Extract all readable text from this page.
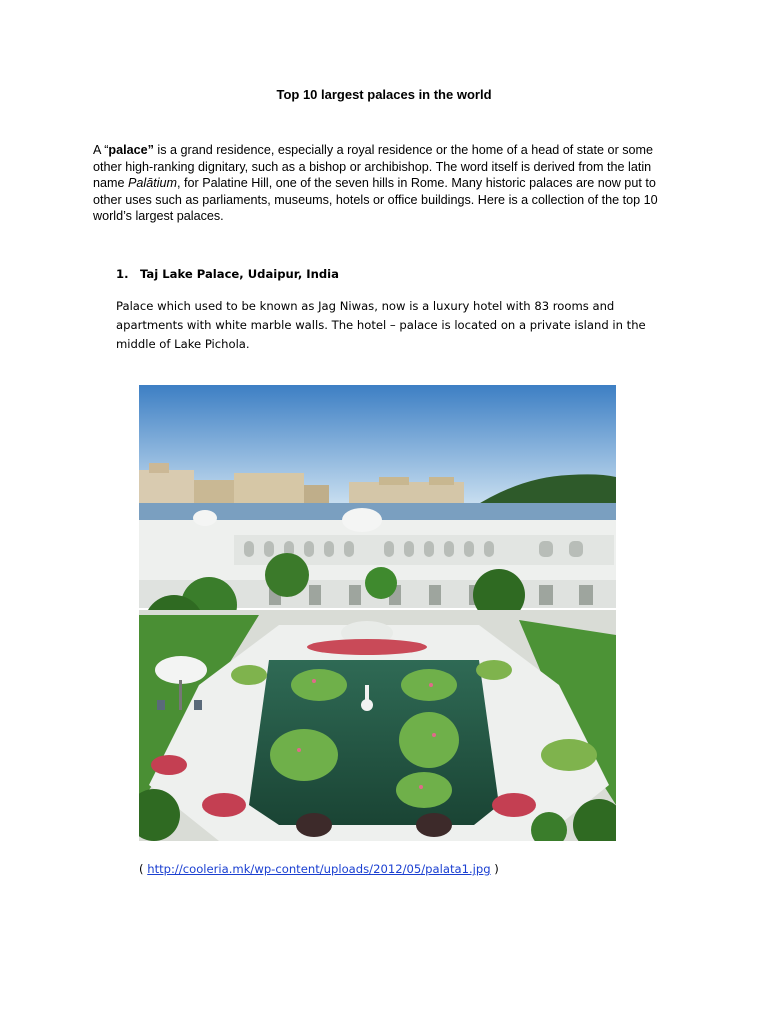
Top 10 largest palaces in the world
A “palace” is a grand residence, especially a royal residence or the home of a head of state or some other high-ranking dignitary, such as a bishop or archibishop. The word itself is derived from the latin name Palātium, for Palatine Hill, one of the seven hills in Rome. Many historic palaces are now put to other uses such as parliaments, museums, hotels or office buildings. Here is a collection of the top 10 world’s largest palaces.
1. Taj Lake Palace, Udaipur, India
Palace which used to be known as Jag Niwas, now is a luxury hotel with 83 rooms and apartments with white marble walls. The hotel – palace is located on a private island in the middle of Lake Pichola.
( http://cooleria.mk/wp-content/uploads/2012/05/palata1.jpg )
